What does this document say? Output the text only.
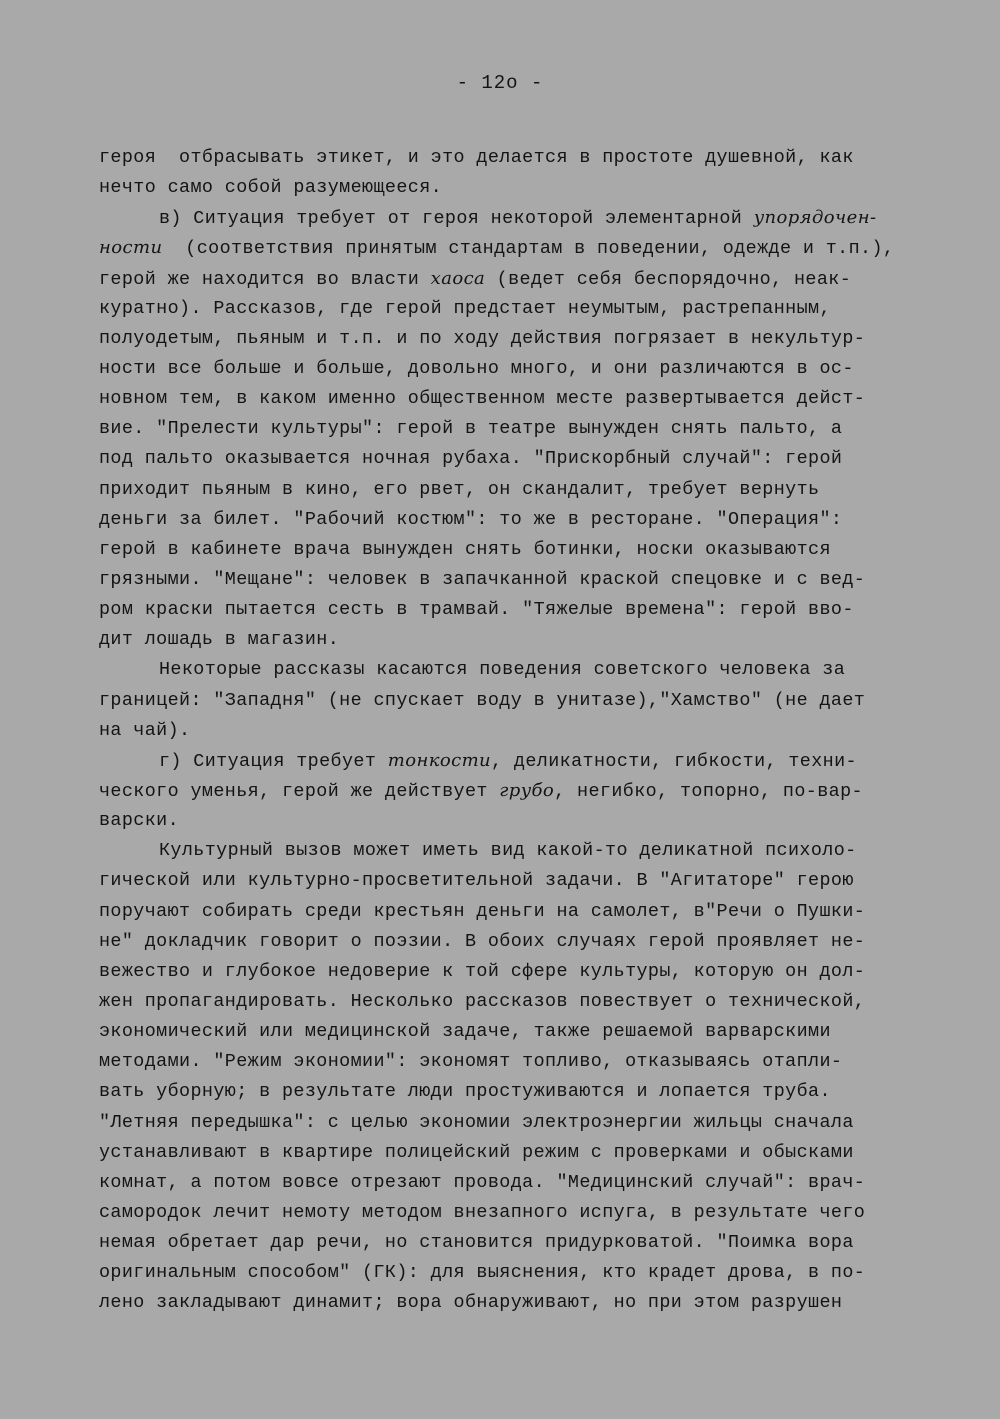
- 12o -
героя  отбрасывать этикет, и это делается в простоте душевной, как
нечто само собой разумеющееся.
в) Ситуация требует от героя некоторой элементарной упорядочен-
ности  (соответствия принятым стандартам в поведении, одежде и т.п.),
герой же находится во власти хаоса (ведет себя беспорядочно, неак-
куратно). Рассказов, где герой предстает неумытым, растрепанным,
полуодетым, пьяным и т.п. и по ходу действия погрязает в некультур-
ности все больше и больше, довольно много, и они различаются в ос-
новном тем, в каком именно общественном месте развертывается дейст-
вие. "Прелести культуры": герой в театре вынужден снять пальто, а
под пальто оказывается ночная рубаха. "Прискорбный случай": герой
приходит пьяным в кино, его рвет, он скандалит, требует вернуть
деньги за билет. "Рабочий костюм": то же в ресторане. "Операция":
герой в кабинете врача вынужден снять ботинки, носки оказываются
грязными. "Мещане": человек в запачканной краской спецовке и с вед-
ром краски пытается сесть в трамвай. "Тяжелые времена": герой вво-
дит лошадь в магазин.
Некоторые рассказы касаются поведения советского человека за
границей: "Западня" (не спускает воду в унитазе),"Хамство" (не дает
на чай).
г) Ситуация требует тонкости, деликатности, гибкости, техни-
ческого уменья, герой же действует грубо, негибко, топорно, по-вар-
варски.
Культурный вызов может иметь вид какой-то деликатной психоло-
гической или культурно-просветительной задачи. В "Агитаторе" герою
поручают собирать среди крестьян деньги на самолет, в"Речи о Пушки-
не" докладчик говорит о поэзии. В обоих случаях герой проявляет не-
вежество и глубокое недоверие к той сфере культуры, которую он дол-
жен пропагандировать. Несколько рассказов повествует о технической,
экономический или медицинской задаче, также решаемой варварскими
методами. "Режим экономии": экономят топливо, отказываясь отапли-
вать уборную; в результате люди простуживаются и лопается труба.
"Летняя передышка": с целью экономии электроэнергии жильцы сначала
устанавливают в квартире полицейский режим с проверками и обысками
комнат, а потом вовсе отрезают провода. "Медицинский случай": врач-
самородок лечит немоту методом внезапного испуга, в результате чего
немая обретает дар речи, но становится придурковатой. "Поимка вора
оригинальным способом" (ГК): для выяснения, кто крадет дрова, в по-
лено закладывают динамит; вора обнаруживают, но при этом разрушен
